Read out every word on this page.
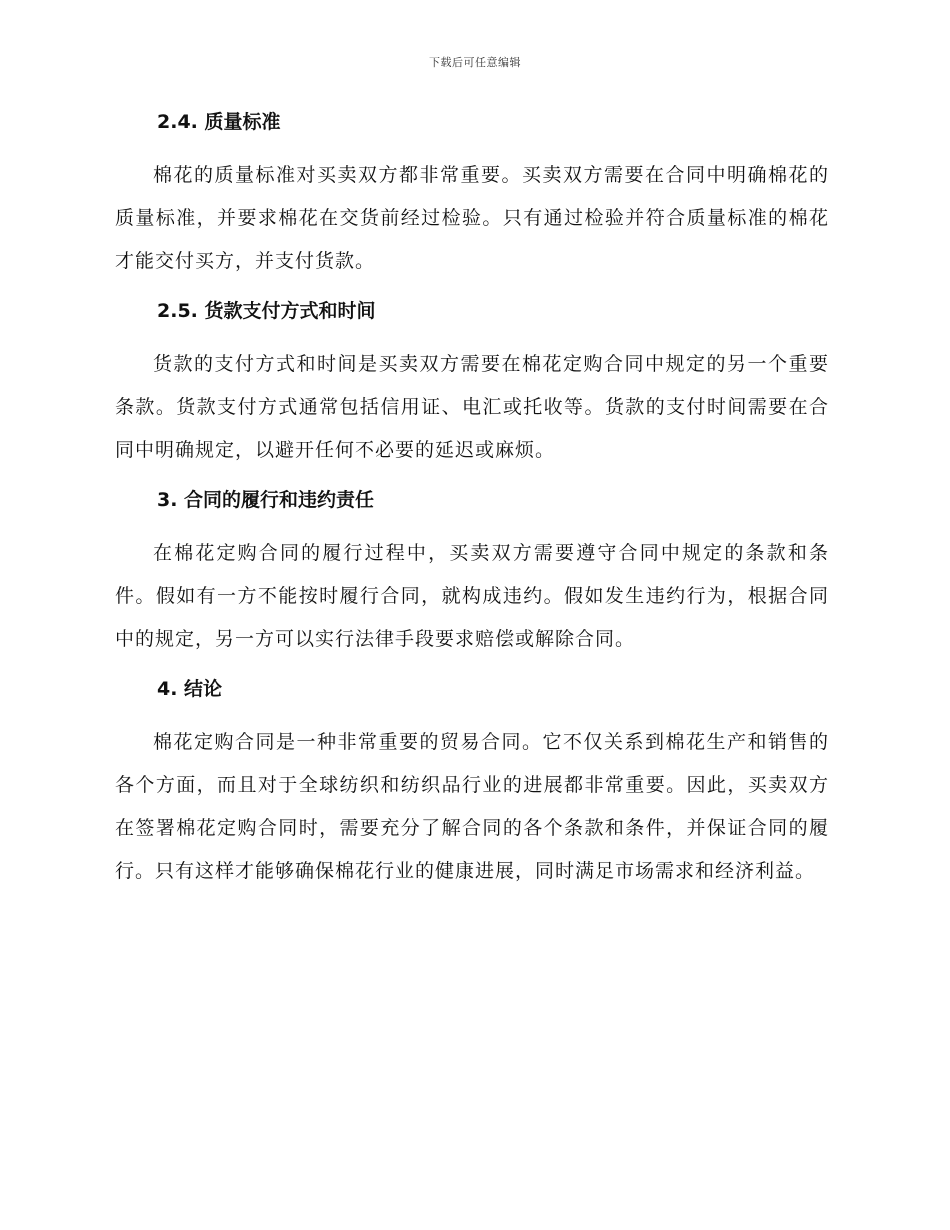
下载后可任意编辑
2.4. 质量标准

棉花的质量标准对买卖双方都非常重要。买卖双方需要在合同中明确棉花的质量标准，并要求棉花在交货前经过检验。只有通过检验并符合质量标准的棉花才能交付买方，并支付货款。

2.5. 货款支付方式和时间

货款的支付方式和时间是买卖双方需要在棉花定购合同中规定的另一个重要条款。货款支付方式通常包括信用证、电汇或托收等。货款的支付时间需要在合同中明确规定，以避开任何不必要的延迟或麻烦。

3. 合同的履行和违约责任

在棉花定购合同的履行过程中，买卖双方需要遵守合同中规定的条款和条件。假如有一方不能按时履行合同，就构成违约。假如发生违约行为，根据合同中的规定，另一方可以实行法律手段要求赔偿或解除合同。

4. 结论

棉花定购合同是一种非常重要的贸易合同。它不仅关系到棉花生产和销售的各个方面，而且对于全球纺织和纺织品行业的进展都非常重要。因此，买卖双方在签署棉花定购合同时，需要充分了解合同的各个条款和条件，并保证合同的履行。只有这样才能够确保棉花行业的健康进展，同时满足市场需求和经济利益。
